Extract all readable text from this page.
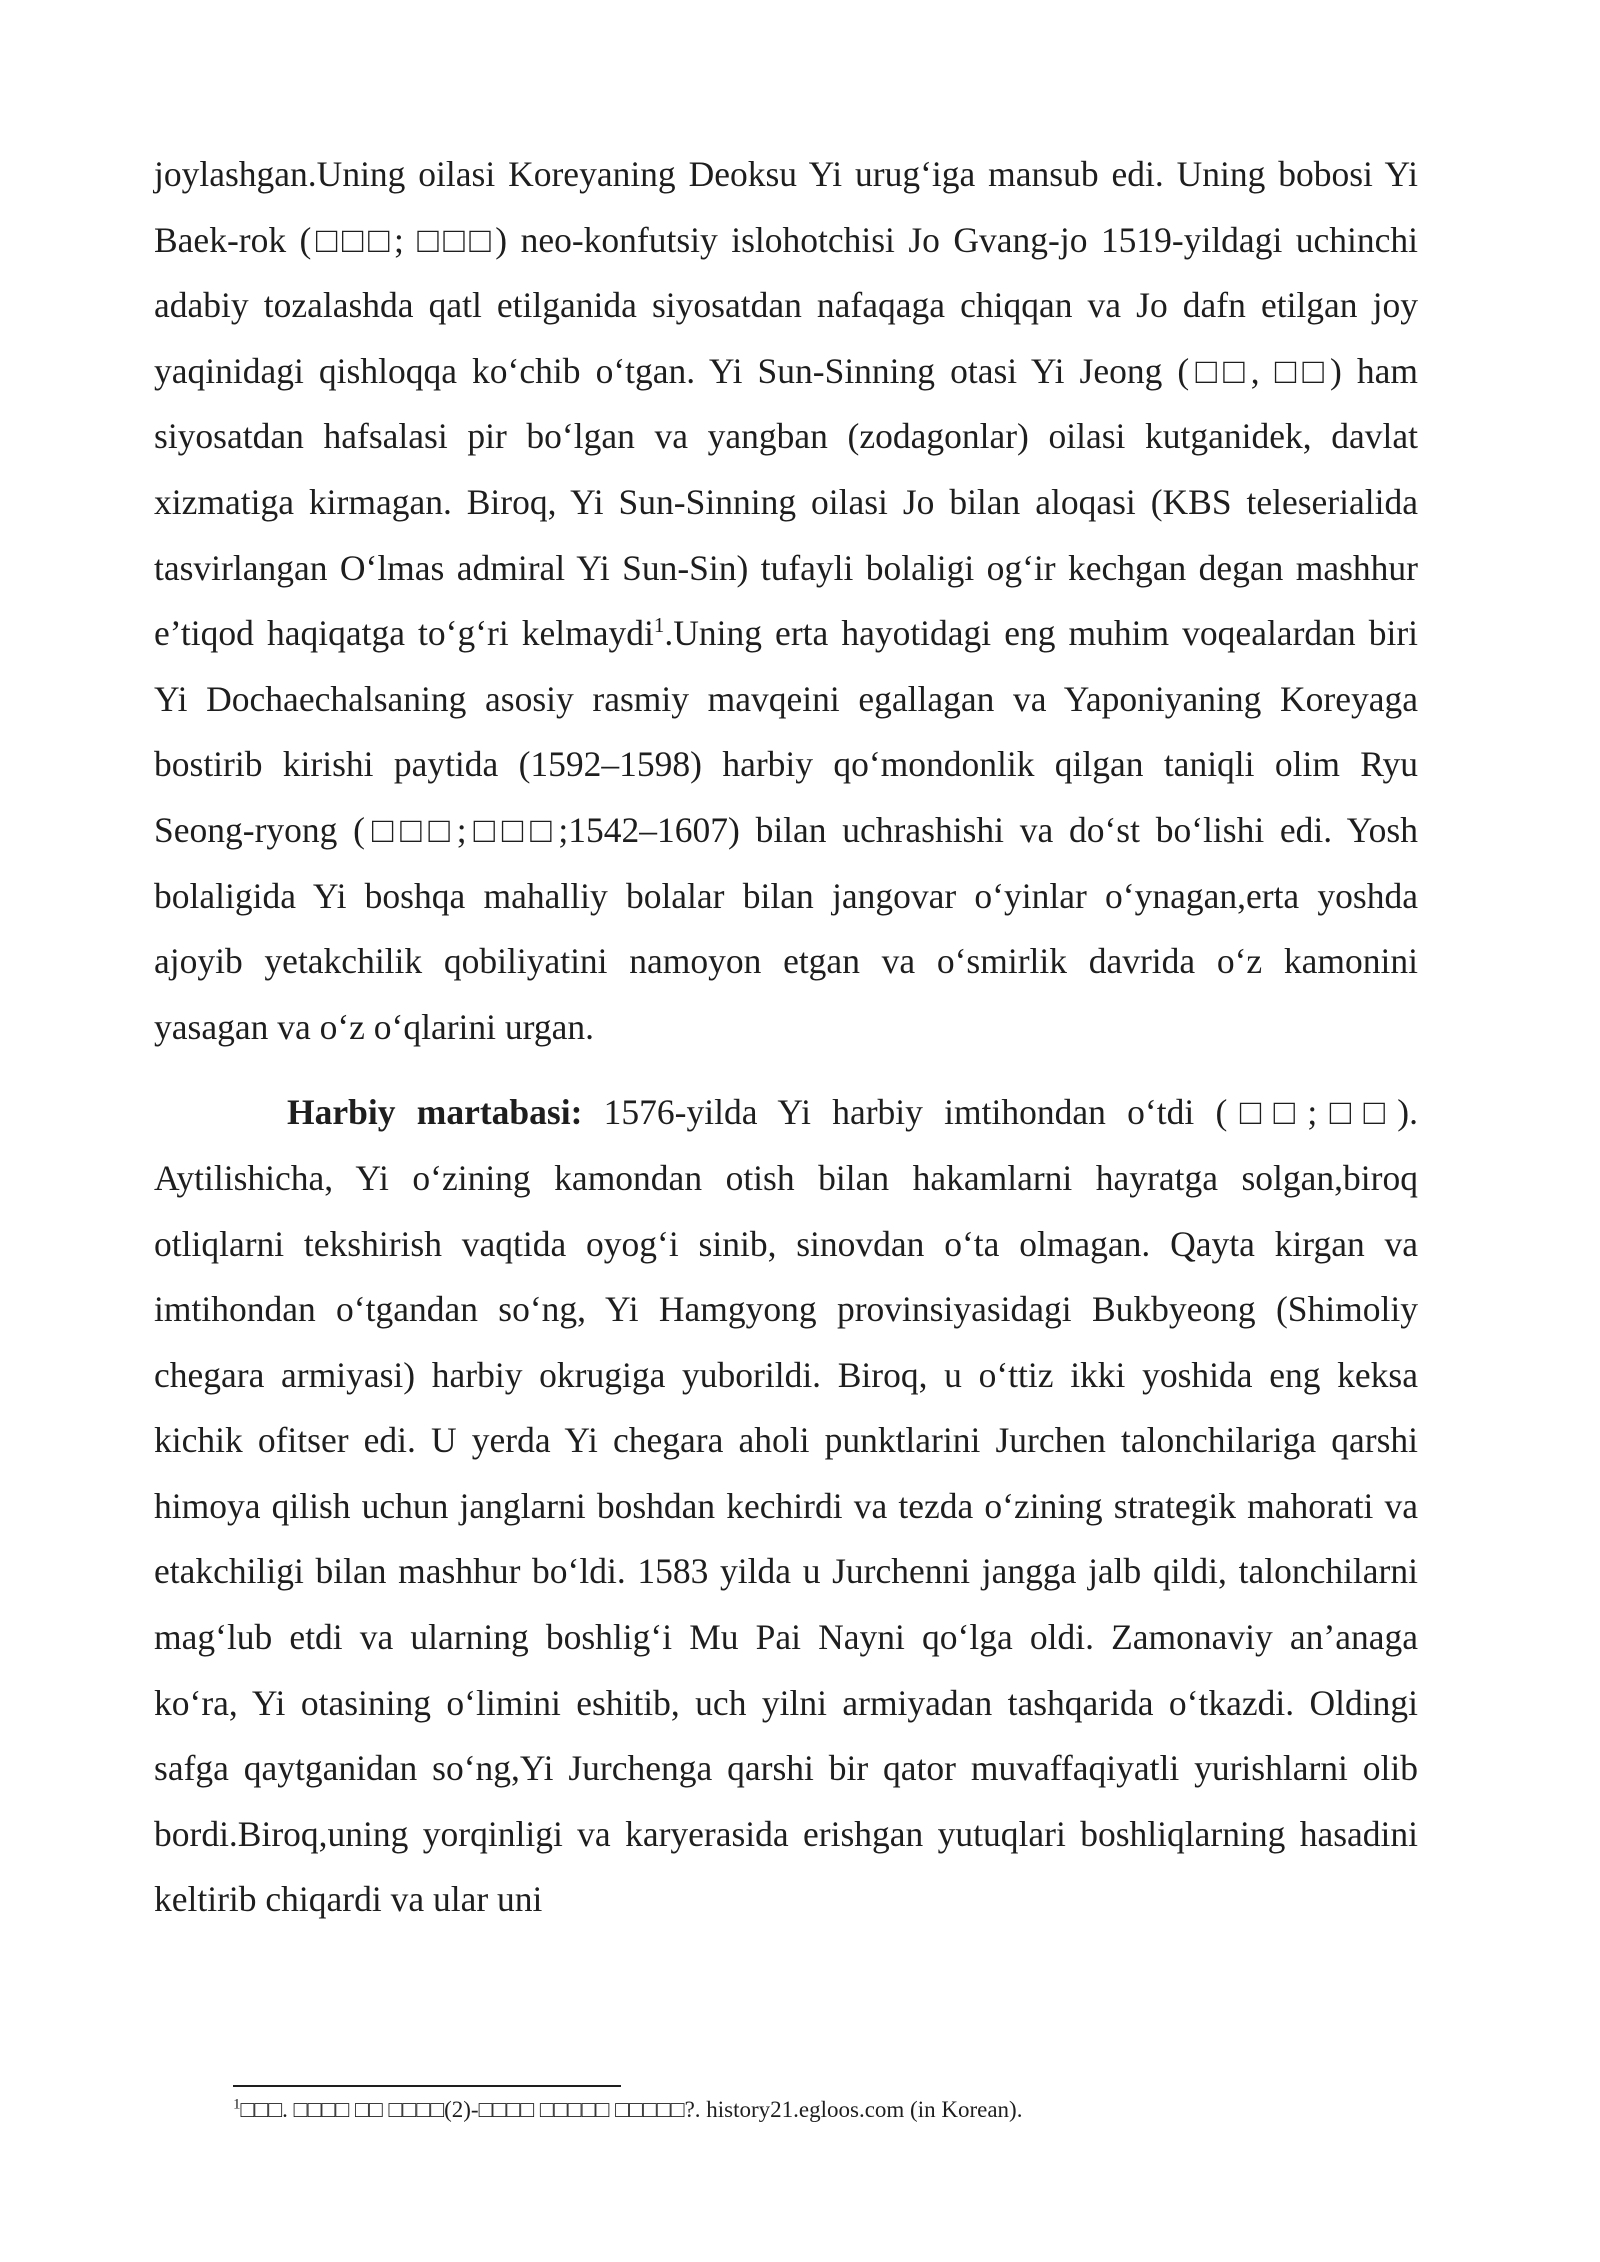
joylashgan.Uning oilasi Koreyaning Deoksu Yi urug‘iga mansub edi. Uning bobosi Yi Baek-rok (□□□; □□□) neo-konfutsiy islohotchisi Jo Gvang-jo 1519-yildagi uchinchi adabiy tozalashda qatl etilganida siyosatdan nafaqaga chiqqan va Jo dafn etilgan joy yaqinidagi qishloqqa ko‘chib o‘tgan. Yi Sun-Sinning otasi Yi Jeong (□□, □□) ham siyosatdan hafsalasi pir bo‘lgan va yangban (zodagonlar) oilasi kutganidek, davlat xizmatiga kirmagan. Biroq, Yi Sun-Sinning oilasi Jo bilan aloqasi (KBS teleserialida tasvirlangan O‘lmas admiral Yi Sun-Sin) tufayli bolaligi og‘ir kechgan degan mashhur e’tiqod haqiqatga to‘g‘ri kelmaydi$^1$.Uning erta hayotidagi eng muhim voqealardan biri Yi Dochaechalsaning asosiy rasmiy mavqeini egallagan va Yaponiyaning Koreyaga bostirib kirishi paytida (1592–1598) harbiy qo‘mondonlik qilgan taniqli olim Ryu Seong-ryong (□□□;□□□;1542–1607) bilan uchrashishi va do‘st bo‘lishi edi. Yosh bolaligida Yi boshqa mahalliy bolalar bilan jangovar o‘yinlar o‘ynagan,erta yoshda ajoyib yetakchilik qobiliyatini namoyon etgan va o‘smirlik davrida o‘z kamonini yasagan va o‘z o‘qlarini urgan.

Harbiy martabasi: 1576-yilda Yi harbiy imtihondan o‘tdi (□□;□□). Aytilishicha, Yi o‘zining kamondan otish bilan hakamlarni hayratga solgan,biroq otliqlarni tekshirish vaqtida oyog‘i sinib, sinovdan o‘ta olmagan. Qayta kirgan va imtihondan o‘tgandan so‘ng, Yi Hamgyong provinsiyasidagi Bukbyeong (Shimoliy chegara armiyasi) harbiy okrugiga yuborildi. Biroq, u o‘ttiz ikki yoshida eng keksa kichik ofitser edi. U yerda Yi chegara aholi punktlarini Jurchen talonchilariga qarshi himoya qilish uchun janglarni boshdan kechirdi va tezda o‘zining strategik mahorati va etakchiligi bilan mashhur bo‘ldi. 1583 yilda u Jurchenni jangga jalb qildi, talonchilarni mag‘lub etdi va ularning boshlig‘i Mu Pai Nayni qo‘lga oldi. Zamonaviy an’anaga ko‘ra, Yi otasining o‘limini eshitib, uch yilni armiyadan tashqarida o‘tkazdi. Oldingi safga qaytganidan so‘ng,Yi Jurchenga qarshi bir qator muvaffaqiyatli yurishlarni olib bordi.Biroq,uning yorqinligi va karyerasida erishgan yutuqlari boshliqlarning hasadini keltirib chiqardi va ular uni

$^1$□□□. □□□□ □□ □□□□(2)-□□□□ □□□□□ □□□□□?. history21.egloos.com (in Korean).
